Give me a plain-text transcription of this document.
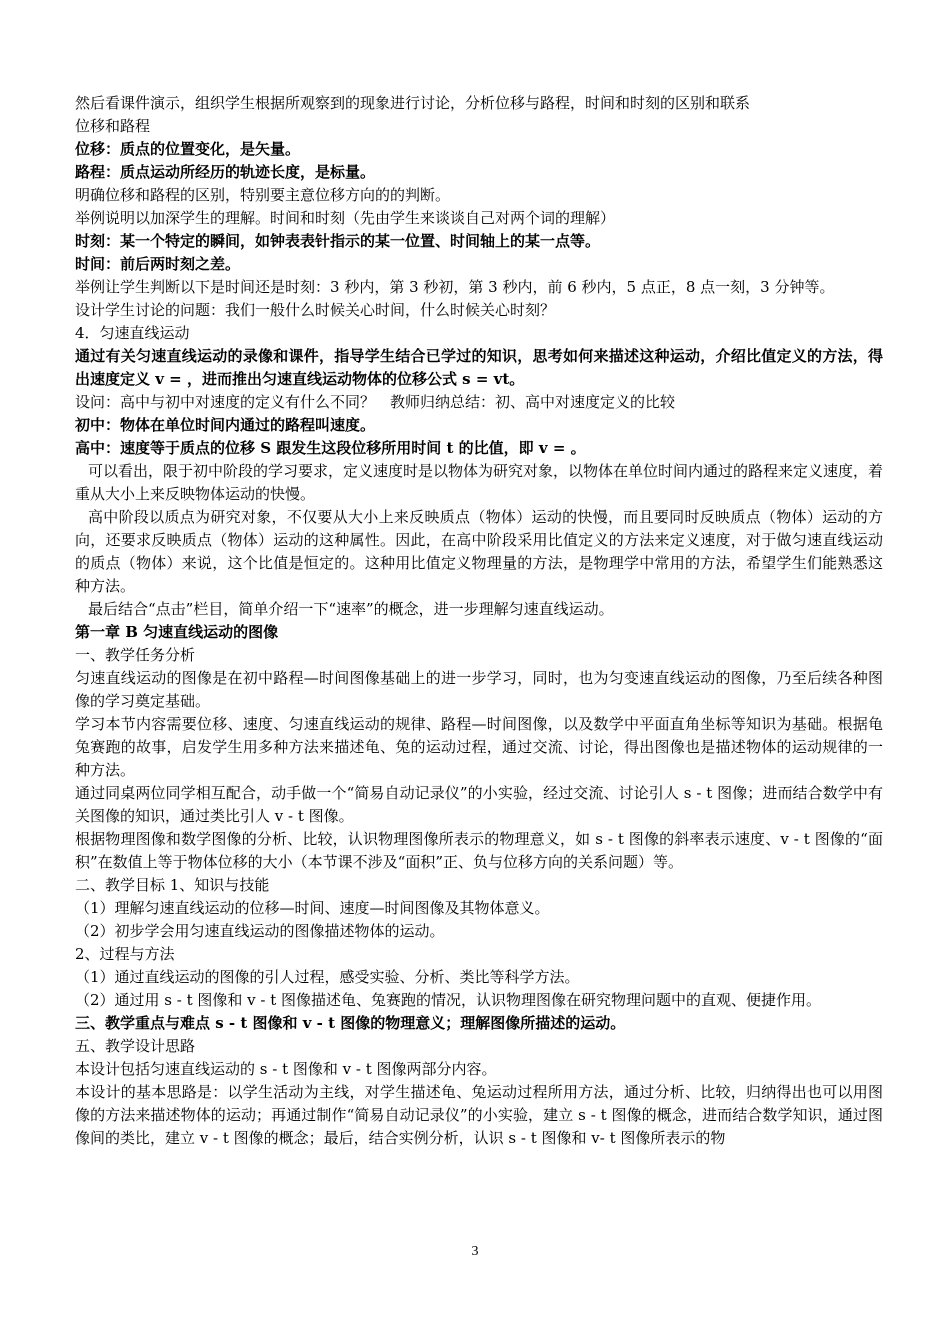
然后看课件演示，组织学生根据所观察到的现象进行讨论，分析位移与路程，时间和时刻的区别和联系

位移和路程

位移：质点的位置变化，是矢量。

路程：质点运动所经历的轨迹长度，是标量。

明确位移和路程的区别，特别要主意位移方向的的判断。

举例说明以加深学生的理解。时间和时刻（先由学生来谈谈自己对两个词的理解）

时刻：某一个特定的瞬间，如钟表表针指示的某一位置、时间轴上的某一点等。

时间：前后两时刻之差。

举例让学生判断以下是时间还是时刻：3 秒内，第 3 秒初，第 3 秒内，前 6 秒内，5 点正，8 点一刻，3 分钟等。

设计学生讨论的问题：我们一般什么时候关心时间，什么时候关心时刻？

4．匀速直线运动

通过有关匀速直线运动的录像和课件，指导学生结合已学过的知识，思考如何来描述这种运动，介绍比值定义的方法，得出速度定义 v = ，进而推出匀速直线运动物体的位移公式 s = vt。

设问：高中与初中对速度的定义有什么不同？　教师归纳总结：初、高中对速度定义的比较

初中：物体在单位时间内通过的路程叫速度。

高中：速度等于质点的位移 S 跟发生这段位移所用时间 t 的比值，即 v = 。

可以看出，限于初中阶段的学习要求，定义速度时是以物体为研究对象，以物体在单位时间内通过的路程来定义速度，着重从大小上来反映物体运动的快慢。

高中阶段以质点为研究对象，不仅要从大小上来反映质点（物体）运动的快慢，而且要同时反映质点（物体）运动的方向，还要求反映质点（物体）运动的这种属性。因此，在高中阶段采用比值定义的方法来定义速度，对于做匀速直线运动的质点（物体）来说，这个比值是恒定的。这种用比值定义物理量的方法，是物理学中常用的方法，希望学生们能熟悉这种方法。

最后结合“点击”栏目，简单介绍一下“速率”的概念，进一步理解匀速直线运动。

第一章 B 匀速直线运动的图像

一、教学任务分析

匀速直线运动的图像是在初中路程—时间图像基础上的进一步学习，同时，也为匀变速直线运动的图像，乃至后续各种图像的学习奠定基础。

学习本节内容需要位移、速度、匀速直线运动的规律、路程—时间图像，以及数学中平面直角坐标等知识为基础。根据龟兔赛跑的故事，启发学生用多种方法来描述龟、兔的运动过程，通过交流、讨论，得出图像也是描述物体的运动规律的一种方法。

通过同桌两位同学相互配合，动手做一个“简易自动记录仪”的小实验，经过交流、讨论引人 s - t 图像；进而结合数学中有关图像的知识，通过类比引人 v - t 图像。

根据物理图像和数学图像的分析、比较，认识物理图像所表示的物理意义，如 s - t 图像的斜率表示速度、v - t 图像的“面积”在数值上等于物体位移的大小（本节课不涉及“面积”正、负与位移方向的关系问题）等。

二、教学目标 1、知识与技能

（1）理解匀速直线运动的位移—时间、速度—时间图像及其物体意义。

（2）初步学会用匀速直线运动的图像描述物体的运动。

2、过程与方法

（1）通过直线运动的图像的引人过程，感受实验、分析、类比等科学方法。

（2）通过用 s - t 图像和 v - t 图像描述龟、兔赛跑的情况，认识物理图像在研究物理问题中的直观、便捷作用。

三、教学重点与难点 s - t 图像和 v - t 图像的物理意义；理解图像所描述的运动。

五、教学设计思路

本设计包括匀速直线运动的 s - t 图像和 v - t 图像两部分内容。

本设计的基本思路是：以学生活动为主线，对学生描述龟、兔运动过程所用方法，通过分析、比较，归纳得出也可以用图像的方法来描述物体的运动；再通过制作“简易自动记录仪”的小实验，建立 s - t 图像的概念，进而结合数学知识，通过图像间的类比，建立 v - t 图像的概念；最后，结合实例分析，认识 s - t 图像和 v- t 图像所表示的物

3
